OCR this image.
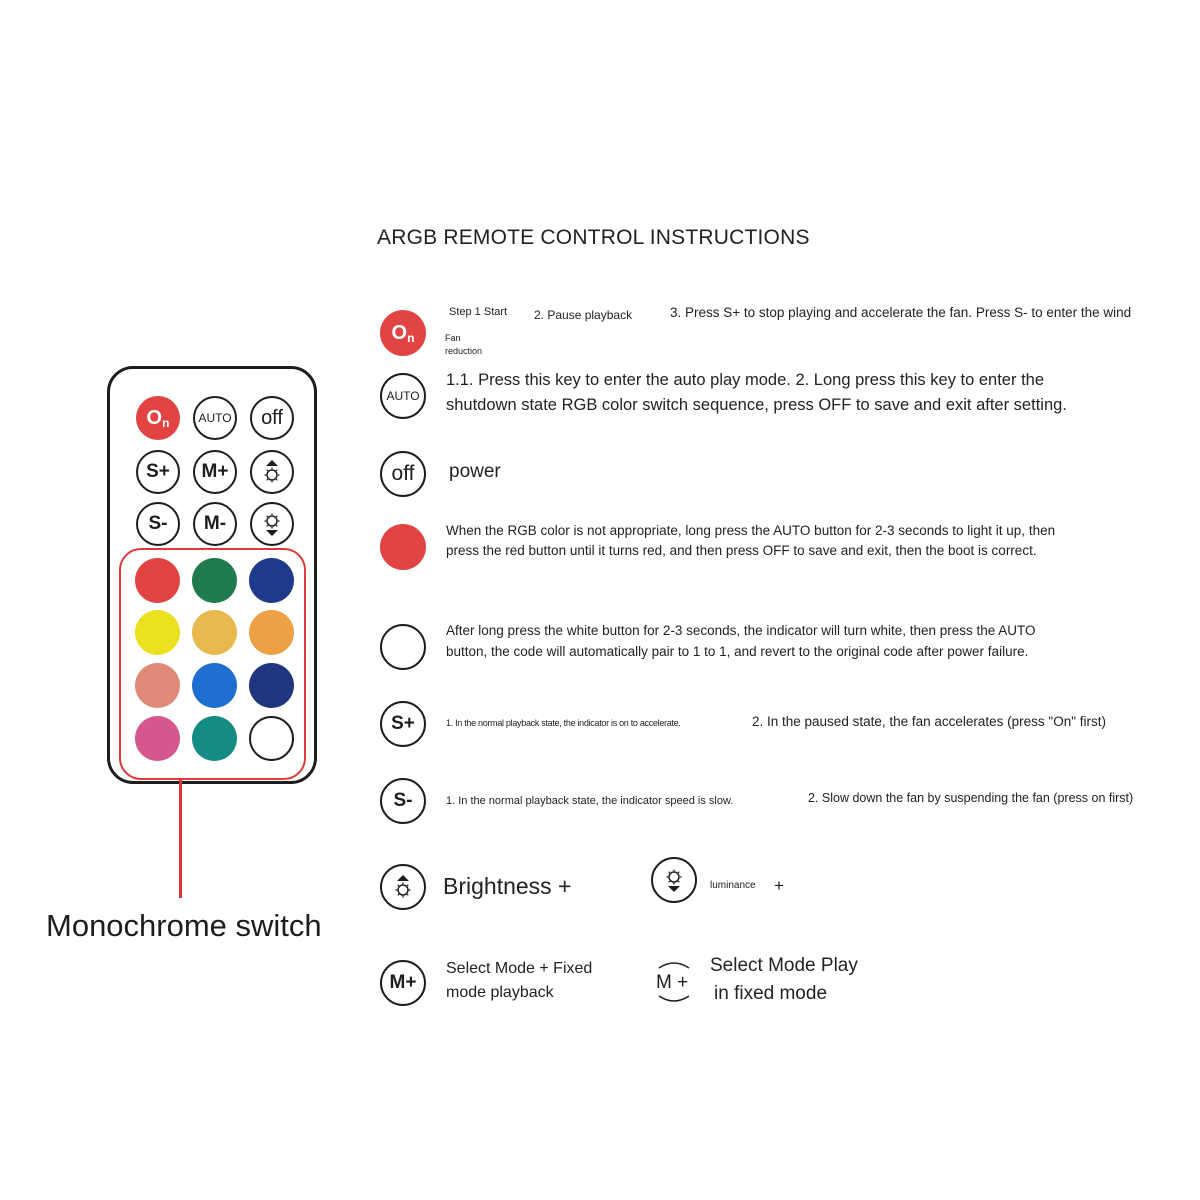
ARGB REMOTE CONTROL INSTRUCTIONS
$O_n$ AUTO off
S+ M+
S- M-
Monochrome switch
$O_n$
Step 1 Start 2. Pause playback	3. Press S+ to stop playing and accelerate the fan. Press S- to enter the wind
Fan
reduction
AUTO
1.1. Press this key to enter the auto play mode. 2. Long press this key to enter the
shutdown state RGB color switch sequence, press OFF to save and exit after setting.
off power
When the RGB color is not appropriate, long press the AUTO button for 2-3 seconds to light it up, then
press the red button until it turns red, and then press OFF to save and exit, then the boot is correct.
After long press the white button for 2-3 seconds, the indicator will turn white, then press the AUTO
button, the code will automatically pair to 1 to 1, and revert to the original code after power failure.
S+	1. In the normal playback state, the indicator is on to accelerate.	2. In the paused state, the fan accelerates (press "On" first)
S-	1. In the normal playback state, the indicator speed is slow.	2. Slow down the fan by suspending the fan (press on first)
Brightness +	luminance +
M+
Select Mode + Fixed
mode playback	M +
Select Mode Play
in fixed mode
